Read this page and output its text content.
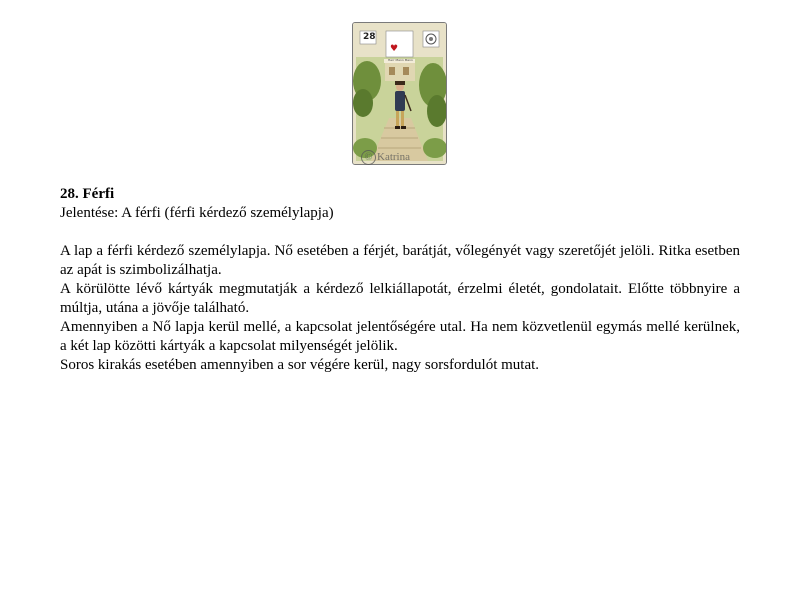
♥
28
Herr Mann Mann
© Katrina
28. Férfi
Jelentése: A férfi (férfi kérdező személylapja)

A lap a férfi kérdező személylapja. Nő esetében a férjét, barátját, vőlegényét vagy szeretőjét jelöli. Ritka esetben az apát is szimbolizálhatja.

A körülötte lévő kártyák megmutatják a kérdező lelkiállapotát, érzelmi életét, gondolatait. Előtte többnyire a múltja, utána a jövője található.

Amennyiben a Nő lapja kerül mellé, a kapcsolat jelentőségére utal. Ha nem közvetlenül egymás mellé kerülnek, a két lap közötti kártyák a kapcsolat milyenségét jelölik.

Soros kirakás esetében amennyiben a sor végére kerül, nagy sorsfordulót mutat.
